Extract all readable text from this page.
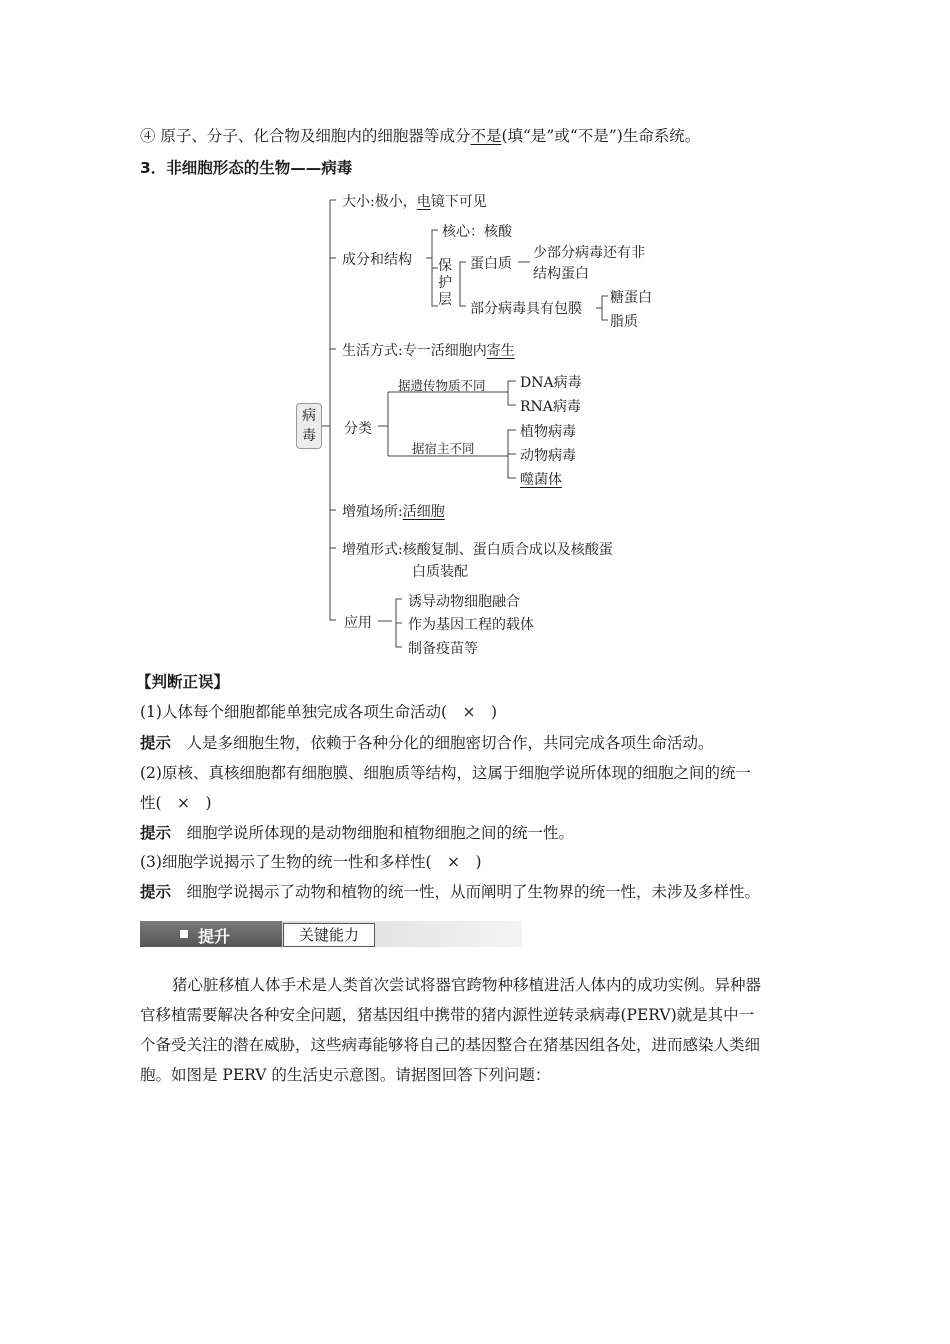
④ 原子、分子、化合物及细胞内的细胞器等成分不是(填“是”或“不是”)生命系统。
3．非细胞形态的生物——病毒
病毒
大小:极小，电镜下可见
成分和结构
核心：核酸
保护层
蛋白质
少部分病毒还有非
结构蛋白
部分病毒具有包膜
糖蛋白
脂质
生活方式:专一活细胞内寄生
分类
据遗传物质不同 DNA病毒
RNA病毒
据宿主不同
植物病毒
动物病毒
噬菌体
增殖场所:活细胞
增殖形式:核酸复制、蛋白质合成以及核酸蛋
白质装配
应用
诱导动物细胞融合
作为基因工程的载体
制备疫苗等
【判断正误】
(1)人体每个细胞都能单独完成各项生命活动(　×　)
提示　 人是多细胞生物，依赖于各种分化的细胞密切合作，共同完成各项生命活动。
(2)原核、真核细胞都有细胞膜、细胞质等结构，这属于细胞学说所体现的细胞之间的统一
性(　×　)
提示　 细胞学说所体现的是动物细胞和植物细胞之间的统一性。
(3)细胞学说揭示了生物的统一性和多样性(　×　)
提示　 细胞学说揭示了动物和植物的统一性，从而阐明了生物界的统一性，未涉及多样性。
提升	关键能力
猪心脏移植人体手术是人类首次尝试将器官跨物种移植进活人体内的成功实例。异种器
官移植需要解决各种安全问题，猪基因组中携带的猪内源性逆转录病毒(PERV)就是其中一
个备受关注的潜在威胁，这些病毒能够将自己的基因整合在猪基因组各处，进而感染人类细
胞。如图是 PERV 的生活史示意图。请据图回答下列问题：
